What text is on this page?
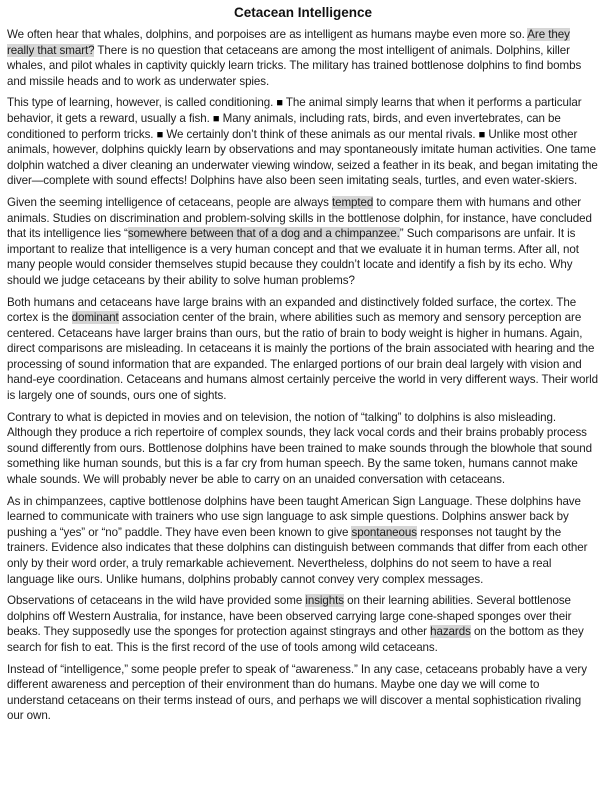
Cetacean Intelligence

We often hear that whales, dolphins, and porpoises are as intelligent as humans maybe even more so. Are they really that smart? There is no question that cetaceans are among the most intelligent of animals. Dolphins, killer whales, and pilot whales in captivity quickly learn tricks. The military has trained bottlenose dolphins to find bombs and missile heads and to work as underwater spies.

This type of learning, however, is called conditioning. ■ The animal simply learns that when it performs a particular behavior, it gets a reward, usually a fish. ■ Many animals, including rats, birds, and even invertebrates, can be conditioned to perform tricks. ■ We certainly don’t think of these animals as our mental rivals. ■ Unlike most other animals, however, dolphins quickly learn by observations and may spontaneously imitate human activities. One tame dolphin watched a diver cleaning an underwater viewing window, seized a feather in its beak, and began imitating the diver—complete with sound effects! Dolphins have also been seen imitating seals, turtles, and even water-skiers.

Given the seeming intelligence of cetaceans, people are always tempted to compare them with humans and other animals. Studies on discrimination and problem-solving skills in the bottlenose dolphin, for instance, have concluded that its intelligence lies “somewhere between that of a dog and a chimpanzee.” Such comparisons are unfair. It is important to realize that intelligence is a very human concept and that we evaluate it in human terms. After all, not many people would consider themselves stupid because they couldn’t locate and identify a fish by its echo. Why should we judge cetaceans by their ability to solve human problems?

Both humans and cetaceans have large brains with an expanded and distinctively folded surface, the cortex. The cortex is the dominant association center of the brain, where abilities such as memory and sensory perception are centered. Cetaceans have larger brains than ours, but the ratio of brain to body weight is higher in humans. Again, direct comparisons are misleading. In cetaceans it is mainly the portions of the brain associated with hearing and the processing of sound information that are expanded. The enlarged portions of our brain deal largely with vision and hand-eye coordination. Cetaceans and humans almost certainly perceive the world in very different ways. Their world is largely one of sounds, ours one of sights.

Contrary to what is depicted in movies and on television, the notion of “talking” to dolphins is also misleading. Although they produce a rich repertoire of complex sounds, they lack vocal cords and their brains probably process sound differently from ours. Bottlenose dolphins have been trained to make sounds through the blowhole that sound something like human sounds, but this is a far cry from human speech. By the same token, humans cannot make whale sounds. We will probably never be able to carry on an unaided conversation with cetaceans.

As in chimpanzees, captive bottlenose dolphins have been taught American Sign Language. These dolphins have learned to communicate with trainers who use sign language to ask simple questions. Dolphins answer back by pushing a “yes” or “no” paddle. They have even been known to give spontaneous responses not taught by the trainers. Evidence also indicates that these dolphins can distinguish between commands that differ from each other only by their word order, a truly remarkable achievement. Nevertheless, dolphins do not seem to have a real language like ours. Unlike humans, dolphins probably cannot convey very complex messages.

Observations of cetaceans in the wild have provided some insights on their learning abilities. Several bottlenose dolphins off Western Australia, for instance, have been observed carrying large cone-shaped sponges over their beaks. They supposedly use the sponges for protection against stingrays and other hazards on the bottom as they search for fish to eat. This is the first record of the use of tools among wild cetaceans.

Instead of “intelligence,” some people prefer to speak of “awareness.” In any case, cetaceans probably have a very different awareness and perception of their environment than do humans. Maybe one day we will come to understand cetaceans on their terms instead of ours, and perhaps we will discover a mental sophistication rivaling our own.
